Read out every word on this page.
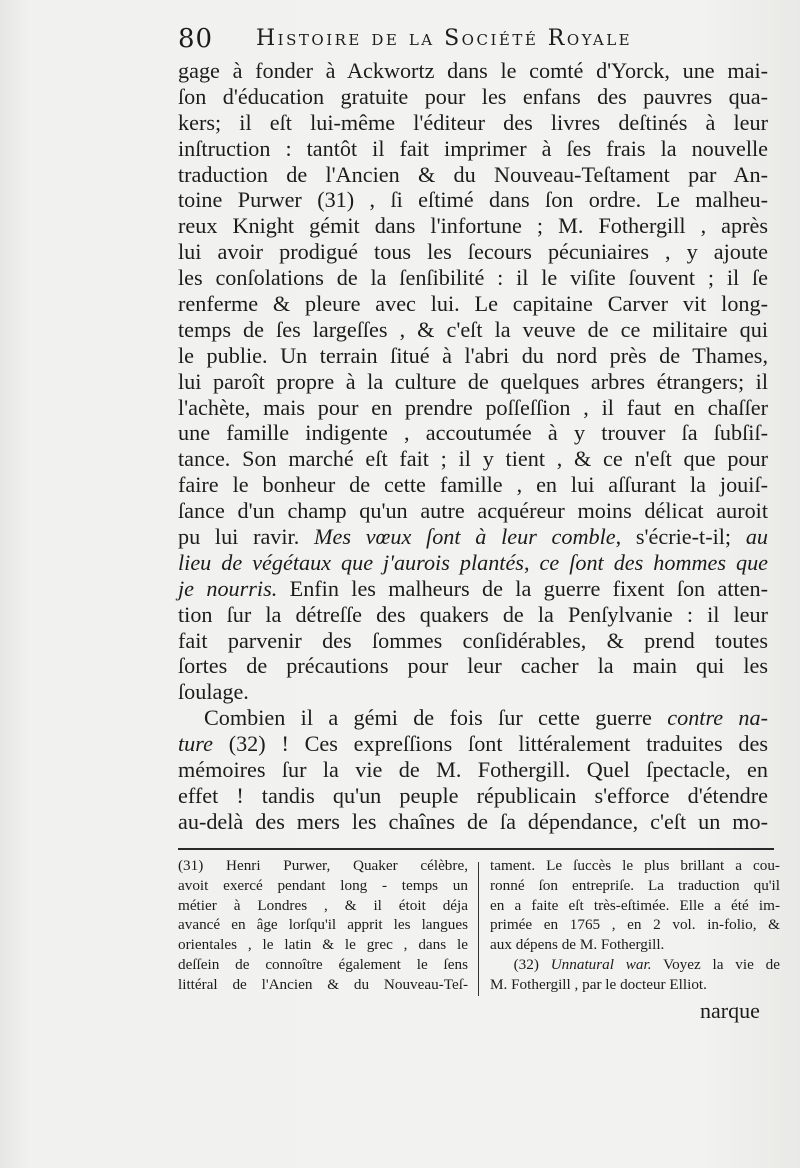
80 Histoire de la Société Royale
gage à fonder à Ackwortz dans le comté d'Yorck, une mai-
ſon d'éducation gratuite pour les enfans des pauvres qua-
kers; il eſt lui-même l'éditeur des livres deſtinés à leur
inſtruction : tantôt il fait imprimer à ſes frais la nouvelle
traduction de l'Ancien & du Nouveau-Teſtament par An-
toine Purwer (31) , ſi eſtimé dans ſon ordre. Le malheu-
reux Knight gémit dans l'infortune ; M. Fothergill , après
lui avoir prodigué tous les ſecours pécuniaires , y ajoute
les conſolations de la ſenſibilité : il le viſite ſouvent ; il ſe
renferme & pleure avec lui. Le capitaine Carver vit long-
temps de ſes largeſſes , & c'eſt la veuve de ce militaire qui
le publie. Un terrain ſitué à l'abri du nord près de Thames,
lui paroît propre à la culture de quelques arbres étrangers; il
l'achète, mais pour en prendre poſſeſſion , il faut en chaſſer
une famille indigente , accoutumée à y trouver ſa ſubſiſ-
tance. Son marché eſt fait ; il y tient , & ce n'eſt que pour
faire le bonheur de cette famille , en lui aſſurant la jouiſ-
ſance d'un champ qu'un autre acquéreur moins délicat auroit
pu lui ravir. Mes vœux ſont à leur comble, s'écrie-t-il; au
lieu de végétaux que j'aurois plantés, ce ſont des hommes que
je nourris. Enfin les malheurs de la guerre fixent ſon atten-
tion ſur la détreſſe des quakers de la Penſylvanie : il leur
fait parvenir des ſommes conſidérables, & prend toutes
ſortes de précautions pour leur cacher la main qui les
ſoulage.
Combien il a gémi de fois ſur cette guerre contre na-
ture (32) ! Ces expreſſions ſont littéralement traduites des
mémoires ſur la vie de M. Fothergill. Quel ſpectacle, en
effet ! tandis qu'un peuple républicain s'efforce d'étendre
au-delà des mers les chaînes de ſa dépendance, c'eſt un mo-
(31) Henri Purwer, Quaker célèbre,
avoit exercé pendant long - temps un
métier à Londres , & il étoit déja
avancé en âge lorſqu'il apprit les langues
orientales , le latin & le grec , dans le
deſſein de connoître également le ſens
littéral de l'Ancien & du Nouveau-Teſ-
tament. Le ſuccès le plus brillant a cou-
ronné ſon entrepriſe. La traduction qu'il
en a faite eſt très-eſtimée. Elle a été im-
primée en 1765 , en 2 vol. in-folio, &
aux dépens de M. Fothergill.
(32) Unnatural war. Voyez la vie de
M. Fothergill , par le docteur Elliot.
narque
